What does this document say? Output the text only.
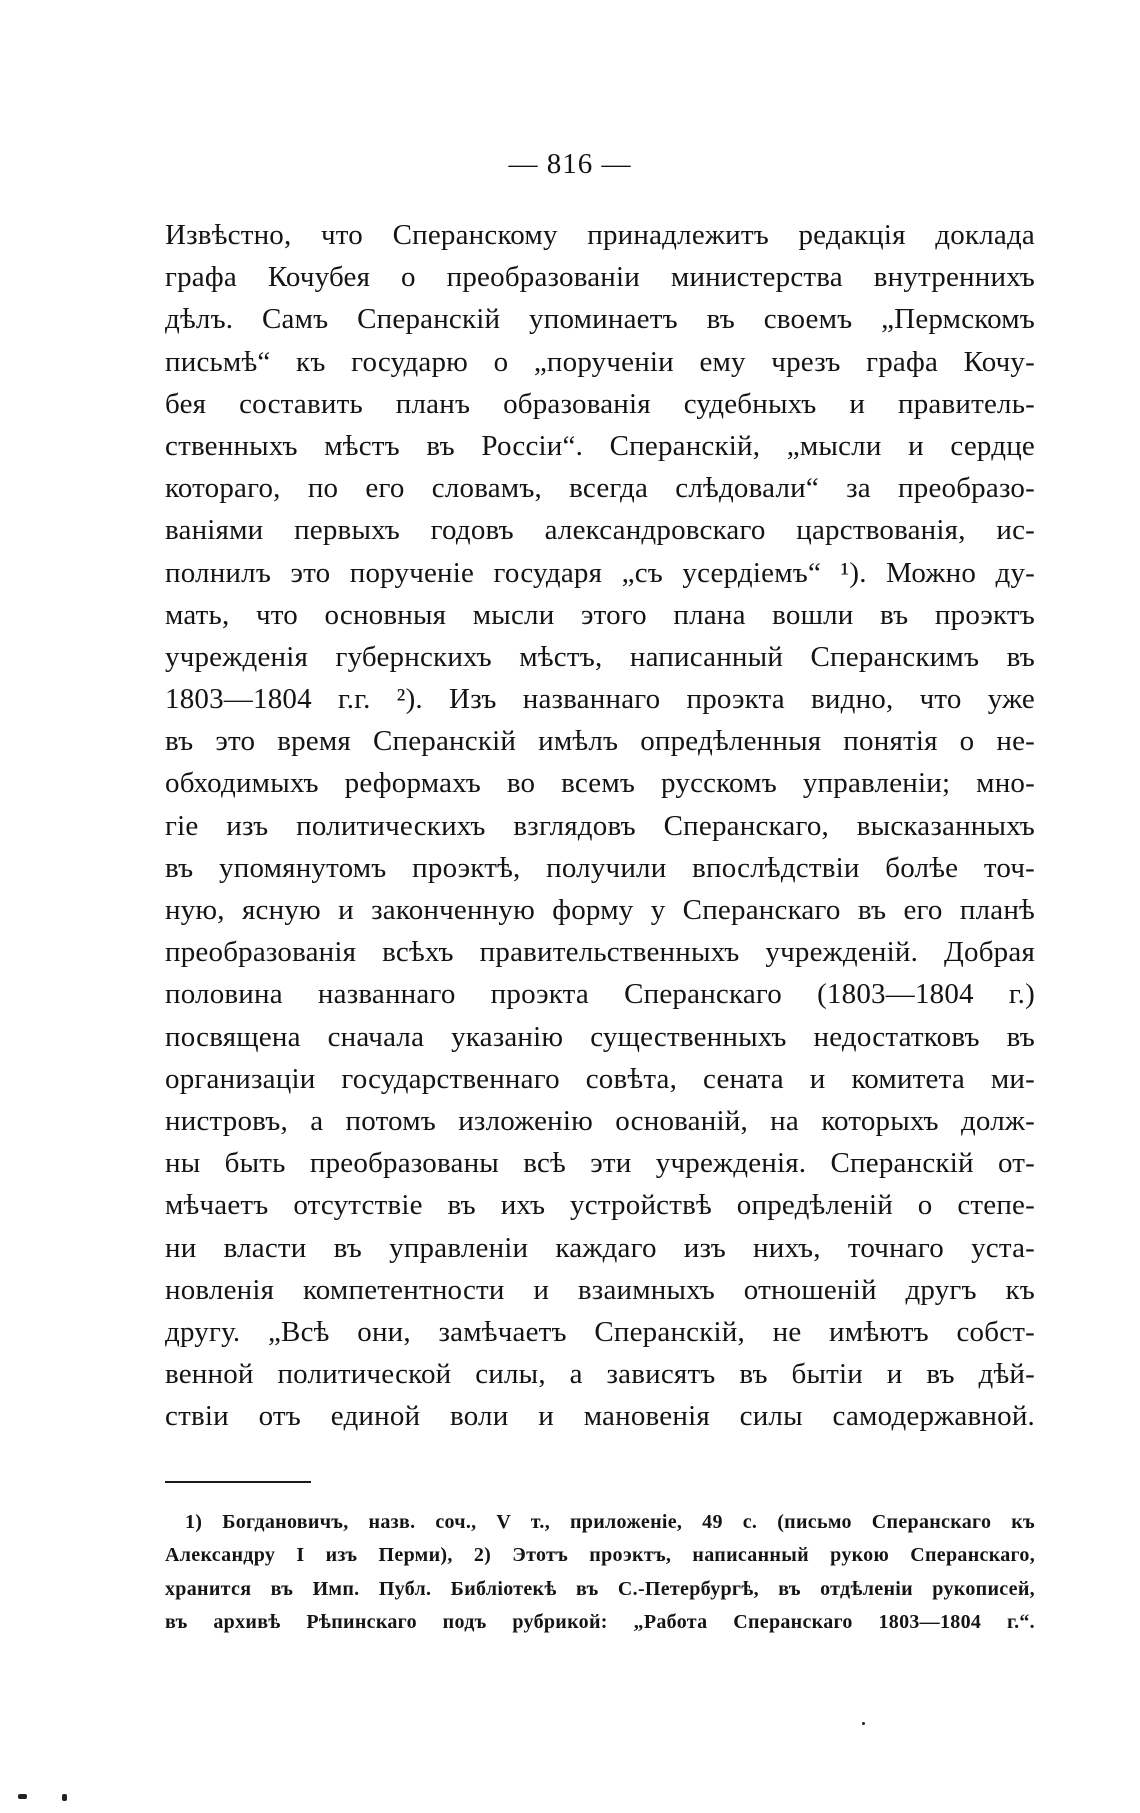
— 816 —
Извѣстно, что Сперанскому принадлежитъ редакція доклада
графа Кочубея о преобразованіи министерства внутреннихъ
дѣлъ. Самъ Сперанскій упоминаетъ въ своемъ „Пермскомъ
письмѣ“ къ государю о „порученіи ему чрезъ графа Кочу-
бея составить планъ образованія судебныхъ и правитель-
ственныхъ мѣстъ въ Россіи“. Сперанскій, „мысли и сердце
котораго, по его словамъ, всегда слѣдовали“ за преобразо-
ваніями первыхъ годовъ александровскаго царствованія, ис-
полнилъ это порученіе государя „съ усердіемъ“ ¹). Можно ду-
мать, что основныя мысли этого плана вошли въ проэктъ
учрежденія губернскихъ мѣстъ, написанный Сперанскимъ въ
1803—1804 г.г. ²). Изъ названнаго проэкта видно, что уже
въ это время Сперанскій имѣлъ опредѣленныя понятія о не-
обходимыхъ реформахъ во всемъ русскомъ управленіи; мно-
гіе изъ политическихъ взглядовъ Сперанскаго, высказанныхъ
въ упомянутомъ проэктѣ, получили впослѣдствіи болѣе точ-
ную, ясную и законченную форму у Сперанскаго въ его планѣ
преобразованія всѣхъ правительственныхъ учрежденій. Добрая
половина названнаго проэкта Сперанскаго (1803—1804 г.)
посвящена сначала указанію существенныхъ недостатковъ въ
организаціи государственнаго совѣта, сената и комитета ми-
нистровъ, а потомъ изложенію основаній, на которыхъ долж-
ны быть преобразованы всѣ эти учрежденія. Сперанскій от-
мѣчаетъ отсутствіе въ ихъ устройствѣ опредѣленій о степе-
ни власти въ управленіи каждаго изъ нихъ, точнаго уста-
новленія компетентности и взаимныхъ отношеній другъ къ
другу. „Всѣ они, замѣчаетъ Сперанскій, не имѣютъ собст-
венной политической силы, а зависятъ въ бытіи и въ дѣй-
ствіи отъ единой воли и мановенія силы самодержавной.
1) Богдановичъ, назв. соч., V т., приложеніе, 49 с. (письмо Сперанскаго къ
Александру I изъ Перми), 2) Этотъ проэктъ, написанный рукою Сперанскаго,
хранится въ Имп. Публ. Библіотекѣ въ С.-Петербургѣ, въ отдѣленіи рукописей,
въ архивѣ Рѣпинскаго подъ рубрикой: „Работа Сперанскаго 1803—1804 г.“.
